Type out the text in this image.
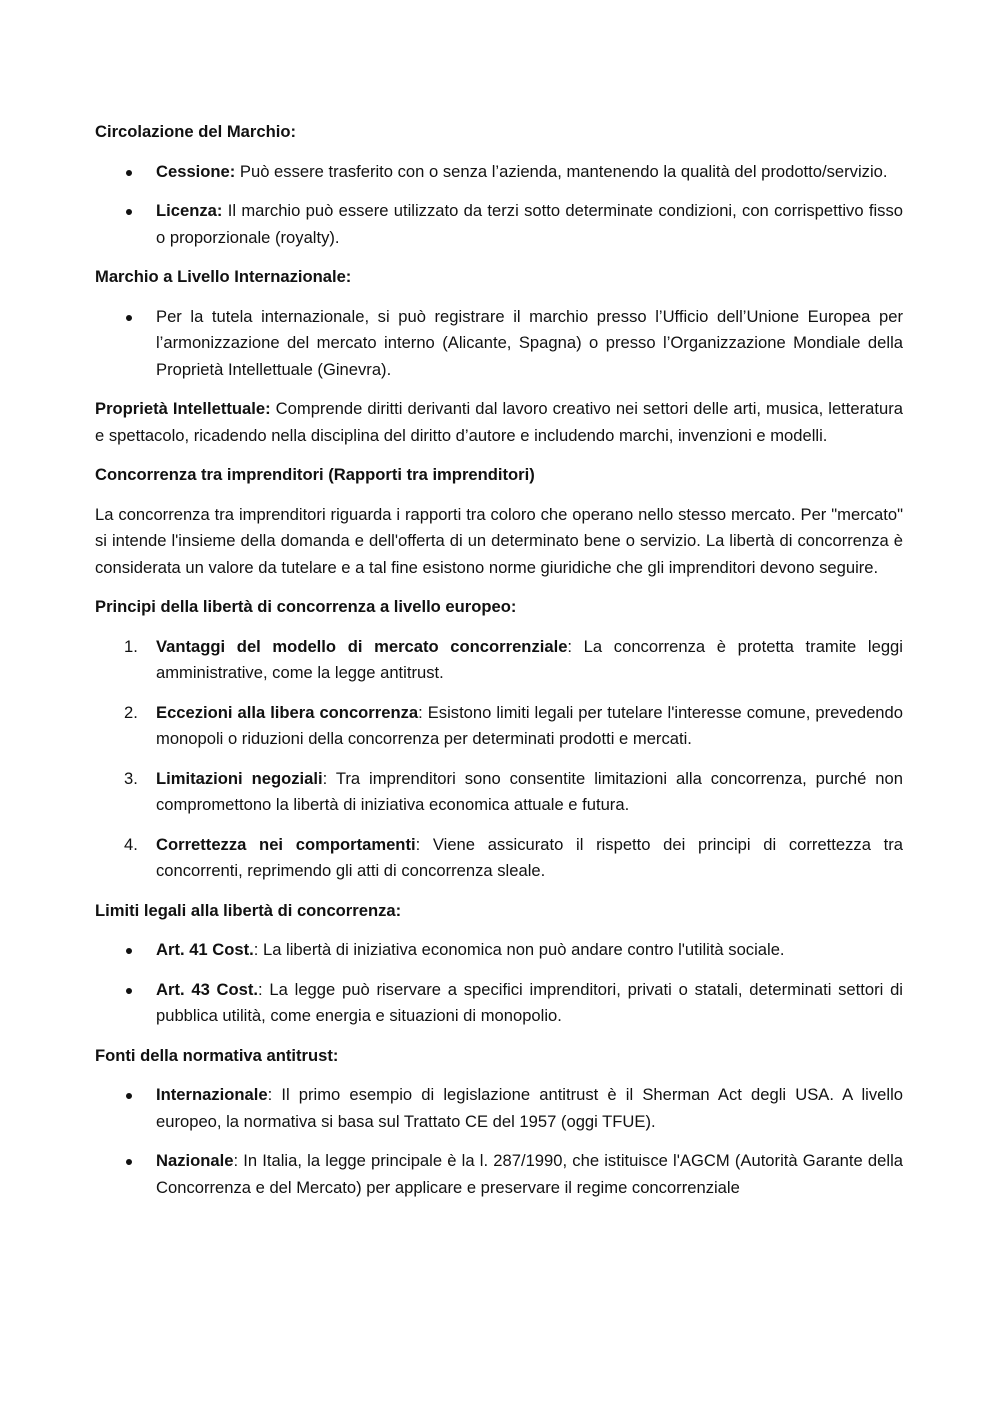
Circolazione del Marchio:

Cessione: Può essere trasferito con o senza l’azienda, mantenendo la qualità del prodotto/servizio.
Licenza: Il marchio può essere utilizzato da terzi sotto determinate condizioni, con corrispettivo fisso o proporzionale (royalty).

Marchio a Livello Internazionale:

Per la tutela internazionale, si può registrare il marchio presso l’Ufficio dell’Unione Europea per l’armonizzazione del mercato interno (Alicante, Spagna) o presso l’Organizzazione Mondiale della Proprietà Intellettuale (Ginevra).

Proprietà Intellettuale: Comprende diritti derivanti dal lavoro creativo nei settori delle arti, musica, letteratura e spettacolo, ricadendo nella disciplina del diritto d’autore e includendo marchi, invenzioni e modelli.

Concorrenza tra imprenditori (Rapporti tra imprenditori)

La concorrenza tra imprenditori riguarda i rapporti tra coloro che operano nello stesso mercato. Per "mercato" si intende l'insieme della domanda e dell'offerta di un determinato bene o servizio. La libertà di concorrenza è considerata un valore da tutelare e a tal fine esistono norme giuridiche che gli imprenditori devono seguire.

Principi della libertà di concorrenza a livello europeo:

1. Vantaggi del modello di mercato concorrenziale: La concorrenza è protetta tramite leggi amministrative, come la legge antitrust.
2. Eccezioni alla libera concorrenza: Esistono limiti legali per tutelare l'interesse comune, prevedendo monopoli o riduzioni della concorrenza per determinati prodotti e mercati.
3. Limitazioni negoziali: Tra imprenditori sono consentite limitazioni alla concorrenza, purché non compromettono la libertà di iniziativa economica attuale e futura.
4. Correttezza nei comportamenti: Viene assicurato il rispetto dei principi di correttezza tra concorrenti, reprimendo gli atti di concorrenza sleale.

Limiti legali alla libertà di concorrenza:

Art. 41 Cost.: La libertà di iniziativa economica non può andare contro l'utilità sociale.
Art. 43 Cost.: La legge può riservare a specifici imprenditori, privati o statali, determinati settori di pubblica utilità, come energia e situazioni di monopolio.

Fonti della normativa antitrust:

Internazionale: Il primo esempio di legislazione antitrust è il Sherman Act degli USA. A livello europeo, la normativa si basa sul Trattato CE del 1957 (oggi TFUE).
Nazionale: In Italia, la legge principale è la l. 287/1990, che istituisce l'AGCM (Autorità Garante della Concorrenza e del Mercato) per applicare e preservare il regime concorrenziale
